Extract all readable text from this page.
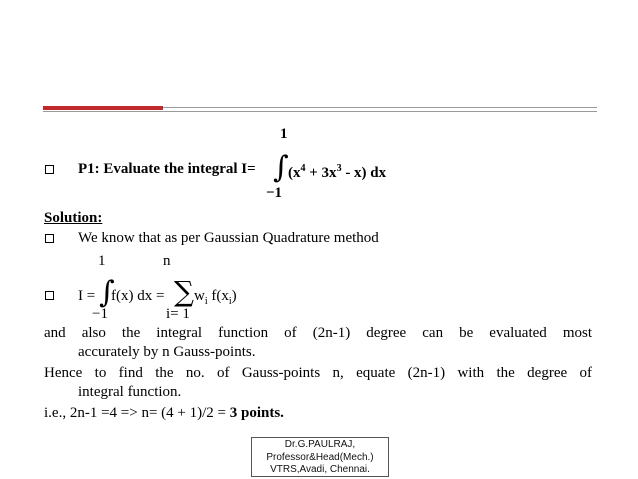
1
P1: Evaluate the integral I= ∫ $(x^4 + 3x^3 - x)$ dx
−1
Solution:
We know that as per Gaussian Quadrature method
1	n
I = ∫
f(x) dx = ∑ $w_i$ $f(x_i)$
−1	i= 1
and also the integral function of (2n-1) degree can be evaluated most
accurately by n Gauss-points.
Hence to find the no. of Gauss-points n, equate (2n-1) with the degree of
integral function.
i.e., 2n-1 =4 => n= (4 + 1)/2 = 3 points.
Dr.G.PAULRAJ,
Professor&Head(Mech.)
VTRS,Avadi, Chennai.
